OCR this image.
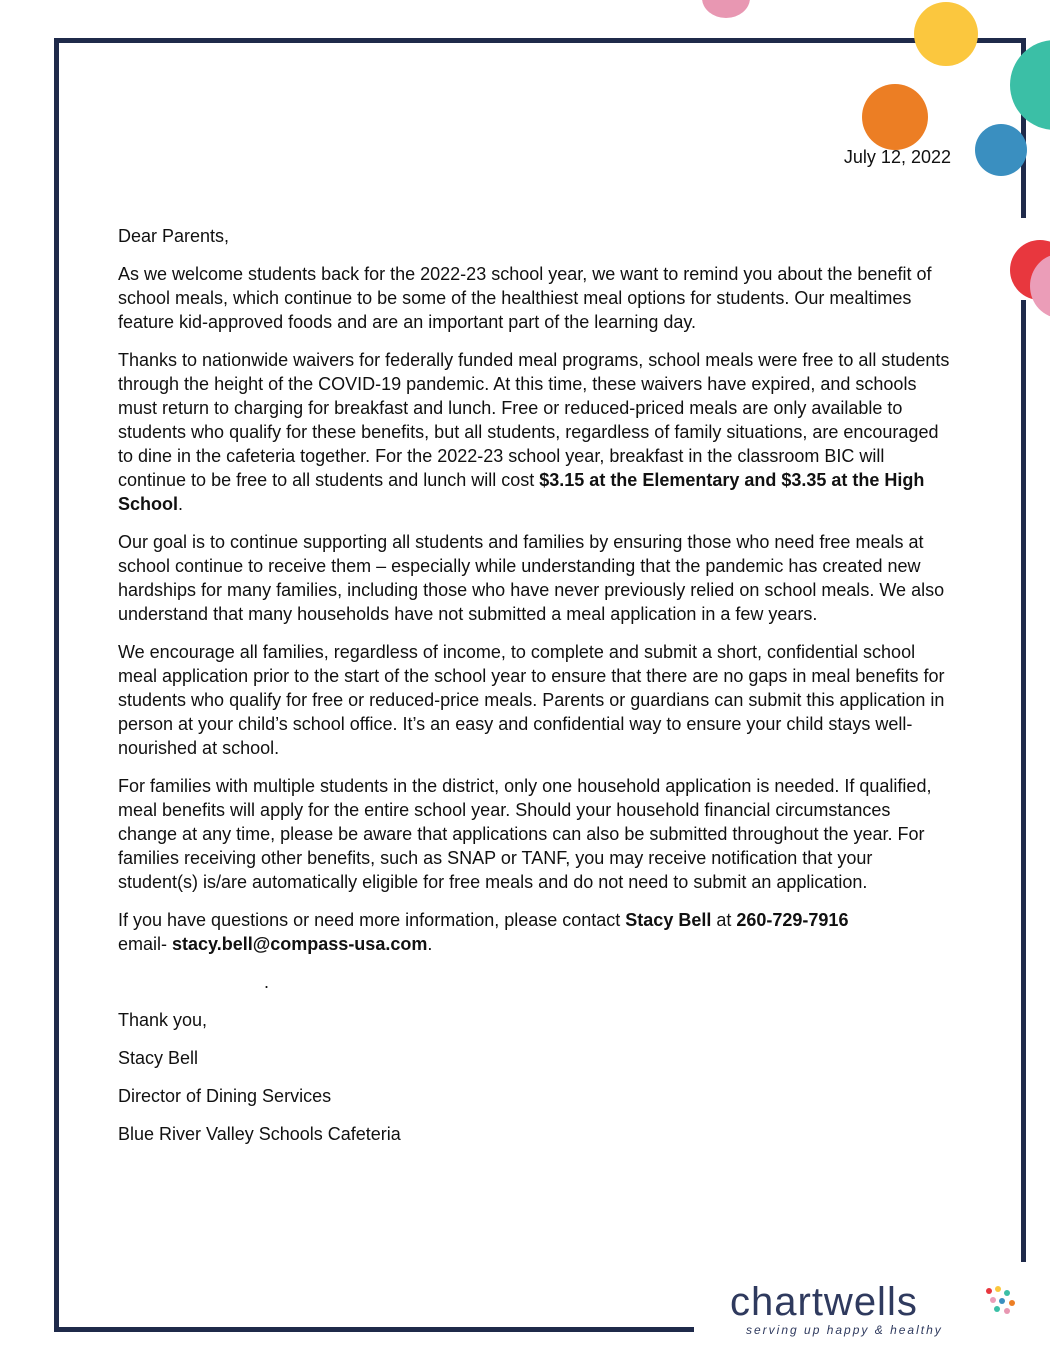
July 12, 2022

Dear Parents,

As we welcome students back for the 2022-23 school year, we want to remind you about the benefit of school meals, which continue to be some of the healthiest meal options for students. Our mealtimes feature kid-approved foods and are an important part of the learning day.

Thanks to nationwide waivers for federally funded meal programs, school meals were free to all students through the height of the COVID-19 pandemic. At this time, these waivers have expired, and schools must return to charging for breakfast and lunch. Free or reduced-priced meals are only available to students who qualify for these benefits, but all students, regardless of family situations, are encouraged to dine in the cafeteria together. For the 2022-23 school year, breakfast in the classroom BIC will continue to be free to all students and lunch will cost $3.15 at the Elementary and $3.35 at the High School.

Our goal is to continue supporting all students and families by ensuring those who need free meals at school continue to receive them – especially while understanding that the pandemic has created new hardships for many families, including those who have never previously relied on school meals. We also understand that many households have not submitted a meal application in a few years.

We encourage all families, regardless of income, to complete and submit a short, confidential school meal application prior to the start of the school year to ensure that there are no gaps in meal benefits for students who qualify for free or reduced-price meals. Parents or guardians can submit this application in person at your child’s school office. It’s an easy and confidential way to ensure your child stays well-nourished at school.

For families with multiple students in the district, only one household application is needed. If qualified, meal benefits will apply for the entire school year. Should your household financial circumstances change at any time, please be aware that applications can also be submitted throughout the year. For families receiving other benefits, such as SNAP or TANF, you may receive notification that your student(s) is/are automatically eligible for free meals and do not need to submit an application.

If you have questions or need more information, please contact Stacy Bell at 260-729-7916
email- stacy.bell@compass-usa.com.

.

Thank you,

Stacy Bell

Director of Dining Services

Blue River Valley Schools Cafeteria

chartwells
serving up happy & healthy
